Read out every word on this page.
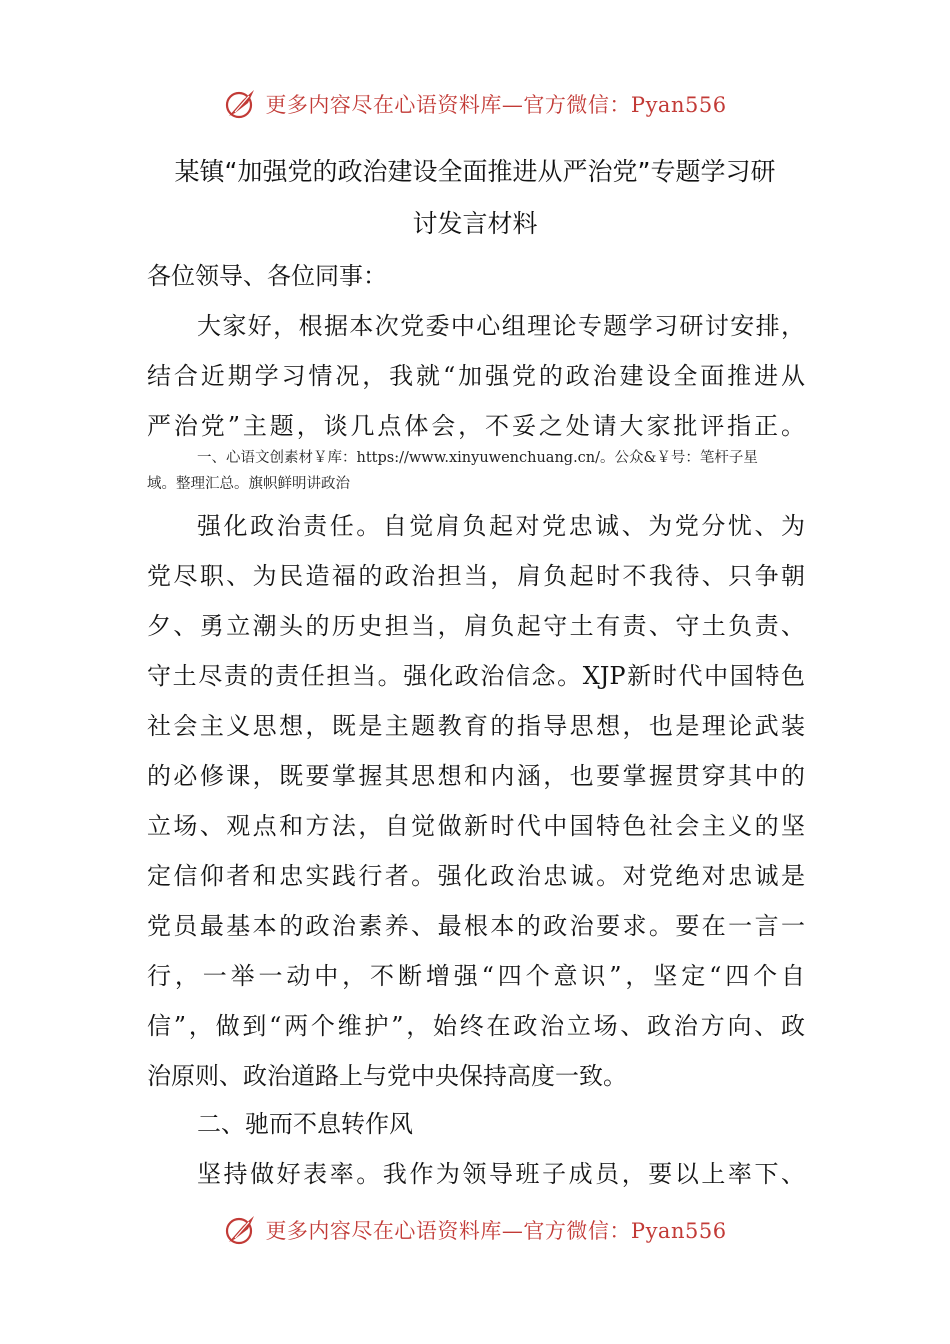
更多内容尽在心语资料库—官方微信：Pyan556
某镇“加强党的政治建设全面推进从严治党”专题学习研
讨发言材料
各位领导、各位同事：
大家好，根据本次党委中心组理论专题学习研讨安排，
结合近期学习情况，我就“加强党的政治建设全面推进从
严治党”主题，谈几点体会，不妥之处请大家批评指正。
一、心语文创素材￥库：https://www.xinyuwenchuang.cn/。公众&￥号：笔杆子星
域。整理汇总。旗帜鲜明讲政治
强化政治责任。自觉肩负起对党忠诚、为党分忧、为
党尽职、为民造福的政治担当，肩负起时不我待、只争朝
夕、勇立潮头的历史担当，肩负起守土有责、守土负责、
守土尽责的责任担当。强化政治信念。XJP新时代中国特色
社会主义思想，既是主题教育的指导思想，也是理论武装
的必修课，既要掌握其思想和内涵，也要掌握贯穿其中的
立场、观点和方法，自觉做新时代中国特色社会主义的坚
定信仰者和忠实践行者。强化政治忠诚。对党绝对忠诚是
党员最基本的政治素养、最根本的政治要求。要在一言一
行，一举一动中，不断增强“四个意识”，坚定“四个自
信”，做到“两个维护”，始终在政治立场、政治方向、政
治原则、政治道路上与党中央保持高度一致。
二、驰而不息转作风
坚持做好表率。我作为领导班子成员，要以上率下、
更多内容尽在心语资料库—官方微信：Pyan556
